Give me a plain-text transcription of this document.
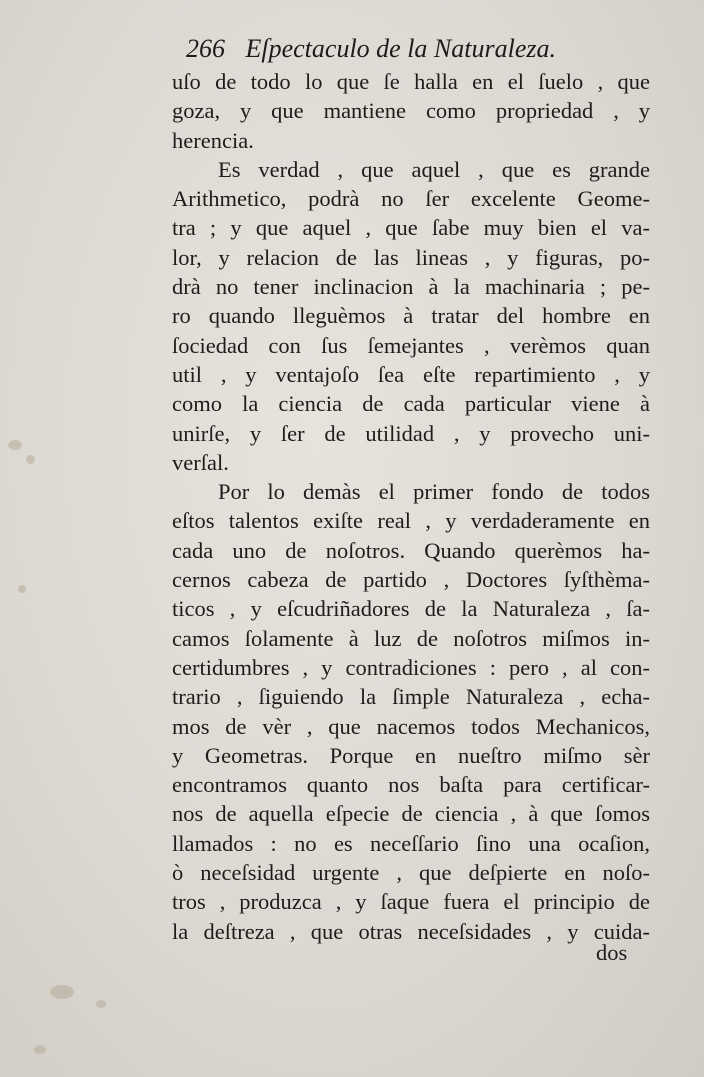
266 Eſpectaculo de la Naturaleza.
uſo de todo lo que ſe halla en el ſuelo , que
goza, y que mantiene como propriedad , y
herencia.
Es verdad , que aquel , que es grande
Arithmetico, podrà no ſer excelente Geome-
tra ; y que aquel , que ſabe muy bien el va-
lor, y relacion de las lineas , y figuras, po-
drà no tener inclinacion à la machinaria ; pe-
ro quando lleguèmos à tratar del hombre en
ſociedad con ſus ſemejantes , verèmos quan
util , y ventajoſo ſea eſte repartimiento , y
como la ciencia de cada particular viene à
unirſe, y ſer de utilidad , y provecho uni-
verſal.
Por lo demàs el primer fondo de todos
eſtos talentos exiſte real , y verdaderamente en
cada uno de noſotros. Quando querèmos ha-
cernos cabeza de partido , Doctores ſyſthèma-
ticos , y eſcudriñadores de la Naturaleza , ſa-
camos ſolamente à luz de noſotros miſmos in-
certidumbres , y contradiciones : pero , al con-
trario , ſiguiendo la ſimple Naturaleza , echa-
mos de vèr , que nacemos todos Mechanicos,
y Geometras. Porque en nueſtro miſmo sèr
encontramos quanto nos baſta para certificar-
nos de aquella eſpecie de ciencia , à que ſomos
llamados : no es neceſſario ſino una ocaſion,
ò neceſsidad urgente , que deſpierte en noſo-
tros , produzca , y ſaque fuera el principio de
la deſtreza , que otras neceſsidades , y cuida-
dos
